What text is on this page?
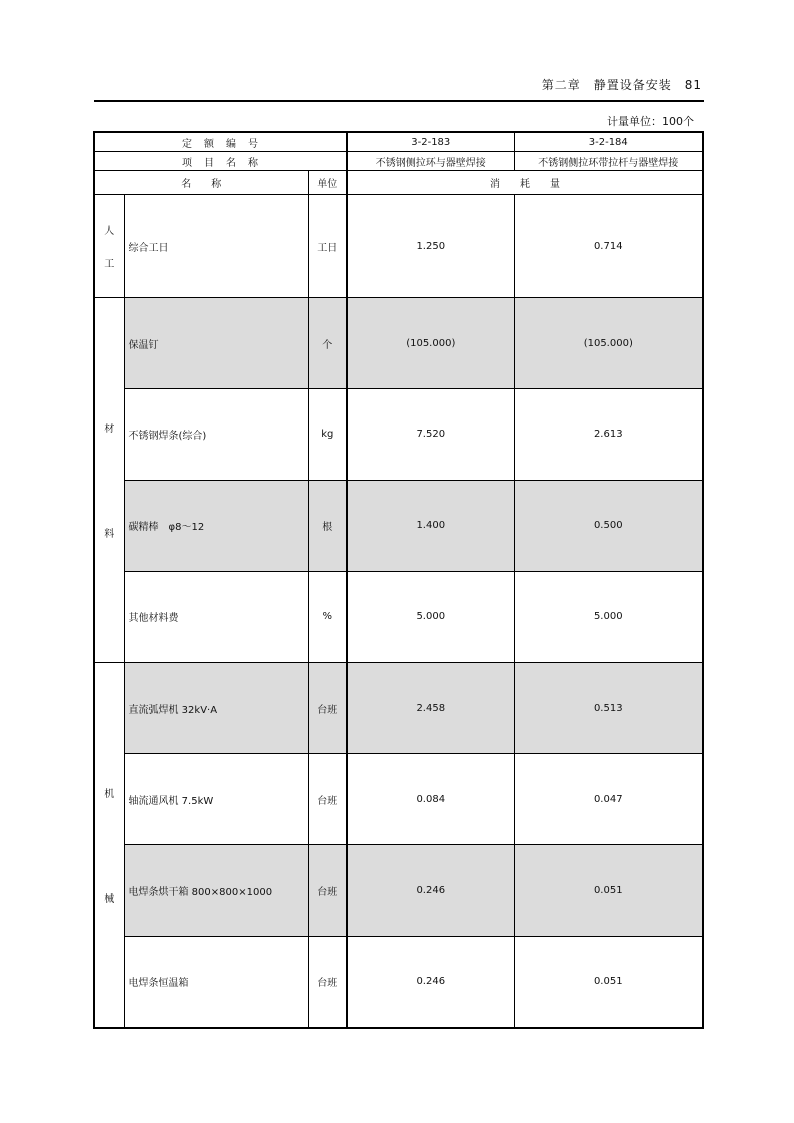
第二章　静置设备安装　81
计量单位：100个
定　额　编　号			3-2-183	3-2-184
项　目　名　称			不锈钢侧拉环与器壁焊接	不锈钢侧拉环带拉杆与器壁焊接
名　　称		单位	消　　耗　　量	

人
工	综合工日	工日	1.250	0.714

材
料	保温钉	个	(105.000)	(105.000)
	不锈钢焊条(综合)	kg	7.520	2.613
	碳精棒　φ8～12	根	1.400	0.500
	其他材料费	%	5.000	5.000

机
械	直流弧焊机 32kV·A	台班	2.458	0.513
	轴流通风机 7.5kW	台班	0.084	0.047
	电焊条烘干箱 800×800×1000	台班	0.246	0.051
	电焊条恒温箱	台班	0.246	0.051
